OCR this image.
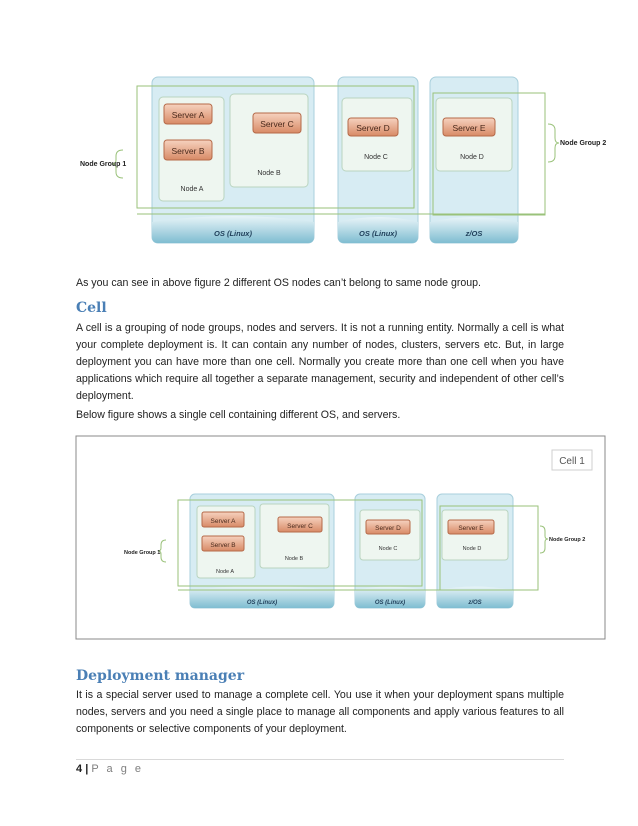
Server A
Server B
Server C	Server D	Server E
Node A
Node B
Node C	Node D
Node Group 1
Node Group 2
OS (Linux)	OS (Linux)	z/OS
As you can see in above figure 2 different OS nodes can’t belong to same node group.
Cell
A cell is a grouping of node groups, nodes and servers. It is not a running entity. Normally a cell is what your complete deployment is. It can contain any number of nodes, clusters, servers etc. But, in large deployment you can have more than one cell. Normally you create more than one cell when you have applications which require all together a separate management, security and independent of other cell’s deployment.
Below figure shows a single cell containing different OS, and servers.
Cell 1
Server A
Server B
Server C	Server D	Server E
Node A
Node B
Node C	Node D
Node Group 1
Node Group 2
OS (Linux)	OS (Linux)	z/OS
Deployment manager
It is a special server used to manage a complete cell. You use it when your deployment spans multiple nodes, servers and you need a single place to manage all components and apply various features to all components or selective components of your deployment.
4 | P a g e
